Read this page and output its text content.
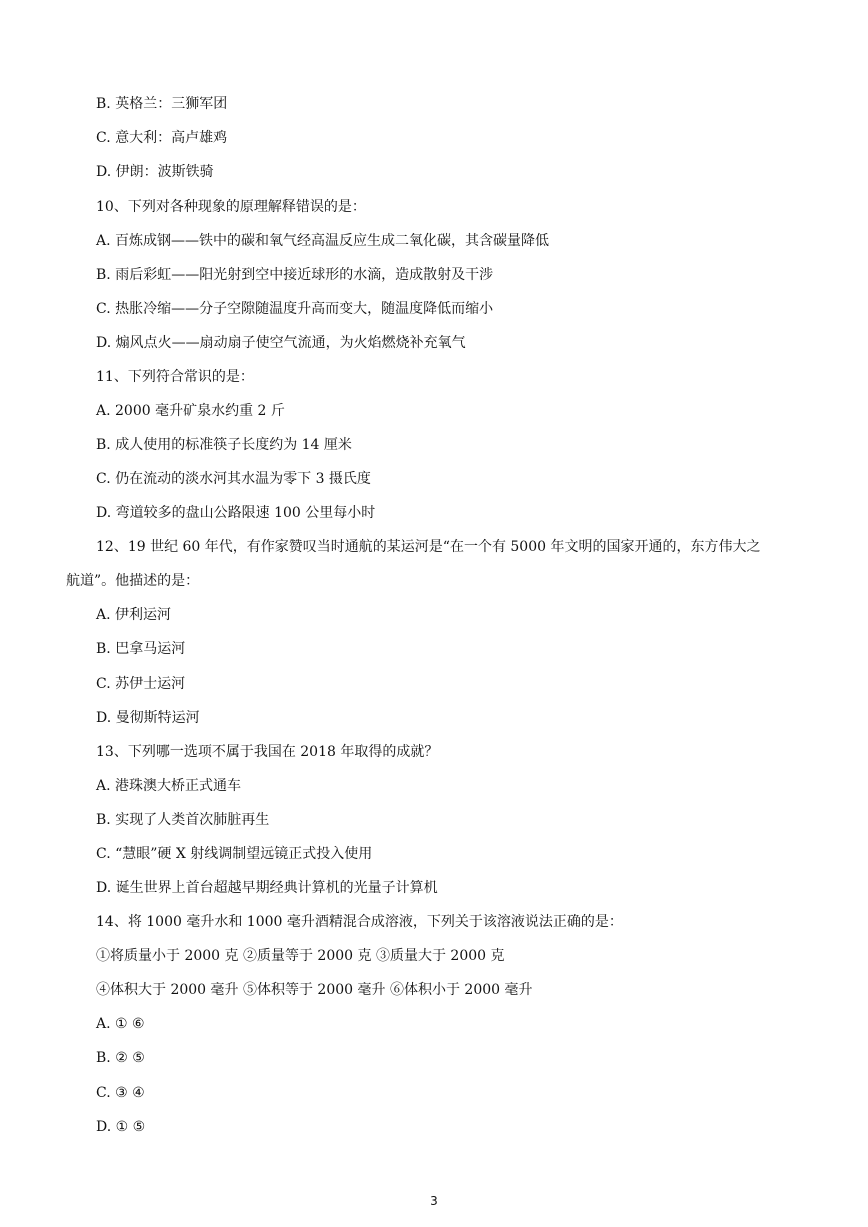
B. 英格兰：三狮军团
C. 意大利：高卢雄鸡
D. 伊朗：波斯铁骑
10、下列对各种现象的原理解释错误的是：
A. 百炼成钢——铁中的碳和氧气经高温反应生成二氧化碳，其含碳量降低
B. 雨后彩虹——阳光射到空中接近球形的水滴，造成散射及干涉
C. 热胀冷缩——分子空隙随温度升高而变大，随温度降低而缩小
D. 煽风点火——扇动扇子使空气流通，为火焰燃烧补充氧气
11、下列符合常识的是：
A. 2000 毫升矿泉水约重 2 斤
B. 成人使用的标准筷子长度约为 14 厘米
C. 仍在流动的淡水河其水温为零下 3 摄氏度
D. 弯道较多的盘山公路限速 100 公里每小时
12、19 世纪 60 年代，有作家赞叹当时通航的某运河是“在一个有 5000 年文明的国家开通的，东方伟大之
航道”。他描述的是：
A. 伊利运河
B. 巴拿马运河
C. 苏伊士运河
D. 曼彻斯特运河
13、下列哪一选项不属于我国在 2018 年取得的成就？
A. 港珠澳大桥正式通车
B. 实现了人类首次肺脏再生
C. “慧眼”硬 X 射线调制望远镜正式投入使用
D. 诞生世界上首台超越早期经典计算机的光量子计算机
14、将 1000 毫升水和 1000 毫升酒精混合成溶液，下列关于该溶液说法正确的是：
①将质量小于 2000 克 ②质量等于 2000 克 ③质量大于 2000 克
④体积大于 2000 毫升 ⑤体积等于 2000 毫升 ⑥体积小于 2000 毫升
A. ① ⑥
B. ② ⑤
C. ③ ④
D. ① ⑤
3
